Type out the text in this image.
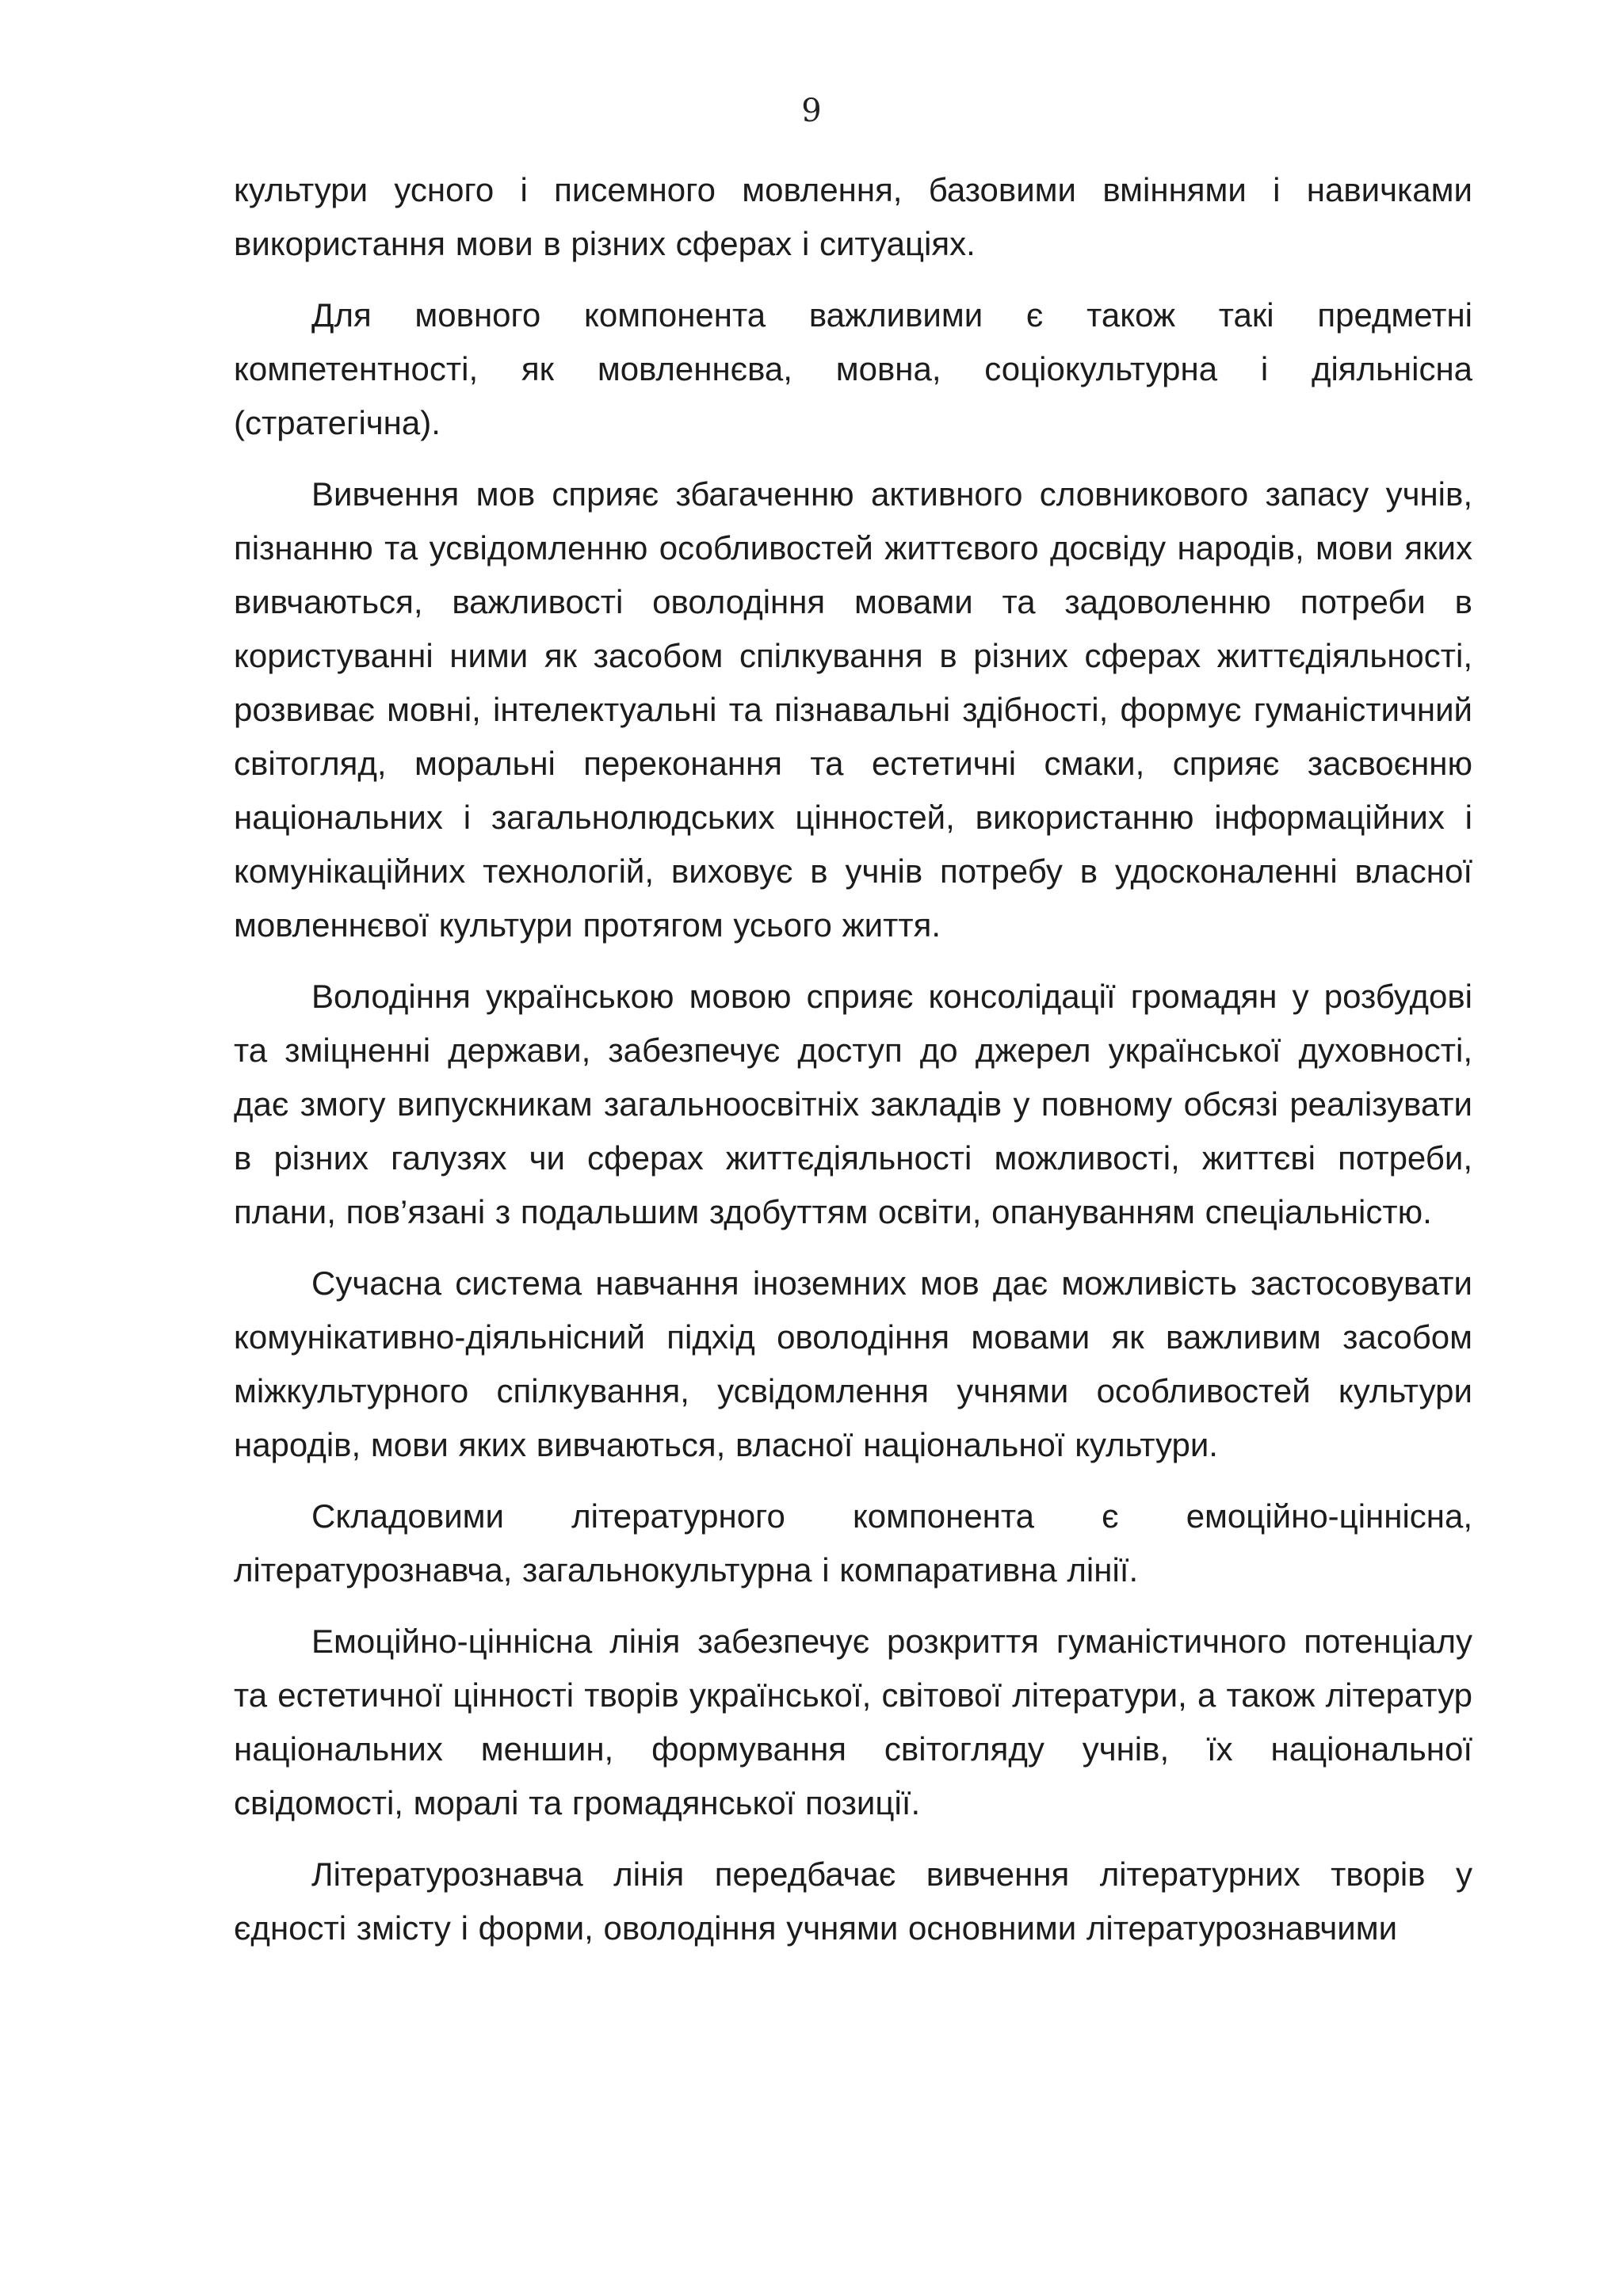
9

культури усного і писемного мовлення, базовими вміннями і навичками використання мови в різних сферах і ситуаціях.

Для мовного компонента важливими є також такі предметні компетентності, як мовленнєва, мовна, соціокультурна і діяльнісна (стратегічна).

Вивчення мов сприяє збагаченню активного словникового запасу учнів, пізнанню та усвідомленню особливостей життєвого досвіду народів, мови яких вивчаються, важливості оволодіння мовами та задоволенню потреби в користуванні ними як засобом спілкування в різних сферах життєдіяльності, розвиває мовні, інтелектуальні та пізнавальні здібності, формує гуманістичний світогляд, моральні переконання та естетичні смаки, сприяє засвоєнню національних і загальнолюдських цінностей, використанню інформаційних і комунікаційних технологій, виховує в учнів потребу в удосконаленні власної мовленнєвої культури протягом усього життя.

Володіння українською мовою сприяє консолідації громадян у розбудові та зміцненні держави, забезпечує доступ до джерел української духовності, дає змогу випускникам загальноосвітніх закладів у повному обсязі реалізувати в різних галузях чи сферах життєдіяльності можливості, життєві потреби, плани, пов’язані з подальшим здобуттям освіти, опануванням спеціальністю.

Сучасна система навчання іноземних мов дає можливість застосовувати комунікативно-діяльнісний підхід оволодіння мовами як важливим засобом міжкультурного спілкування, усвідомлення учнями особливостей культури народів, мови яких вивчаються, власної національної культури.

Складовими літературного компонента є емоційно-ціннісна, літературознавча, загальнокультурна і компаративна лінії.

Емоційно-ціннісна лінія забезпечує розкриття гуманістичного потенціалу та естетичної цінності творів української, світової літератури, а також літератур національних меншин, формування світогляду учнів, їх національної свідомості, моралі та громадянської позиції.

Літературознавча лінія передбачає вивчення літературних творів у єдності змісту і форми, оволодіння учнями основними літературознавчими
